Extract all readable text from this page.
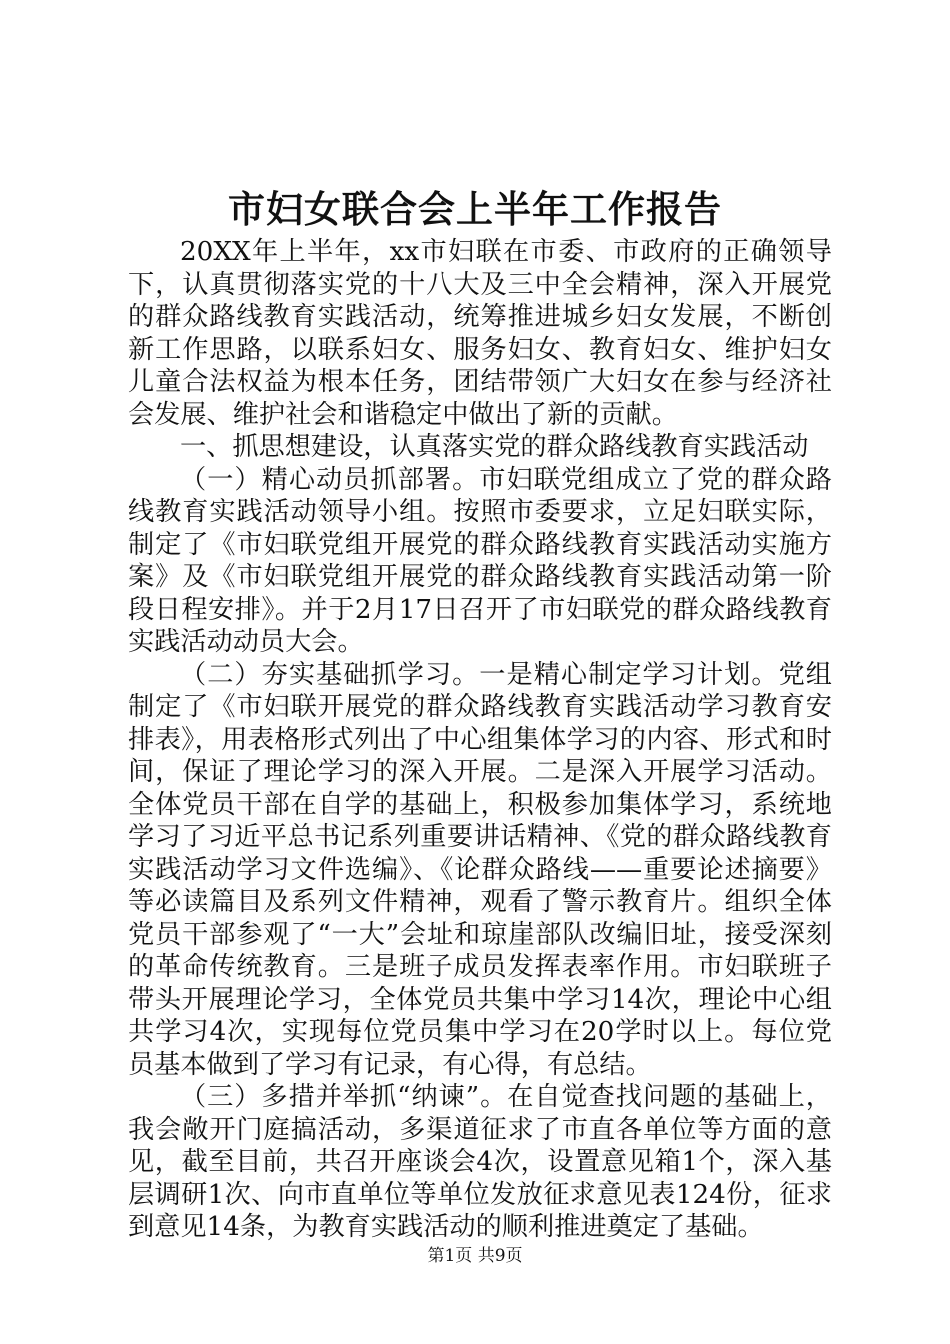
市妇女联合会上半年工作报告

20XX年上半年，xx市妇联在市委、市政府的正确领导下，认真贯彻落实党的十八大及三中全会精神，深入开展党的群众路线教育实践活动，统筹推进城乡妇女发展，不断创新工作思路，以联系妇女、服务妇女、教育妇女、维护妇女儿童合法权益为根本任务，团结带领广大妇女在参与经济社会发展、维护社会和谐稳定中做出了新的贡献。

一、抓思想建设，认真落实党的群众路线教育实践活动

（一）精心动员抓部署。市妇联党组成立了党的群众路线教育实践活动领导小组。按照市委要求，立足妇联实际，制定了《市妇联党组开展党的群众路线教育实践活动实施方案》及《市妇联党组开展党的群众路线教育实践活动第一阶段日程安排》。并于2月17日召开了市妇联党的群众路线教育实践活动动员大会。

（二）夯实基础抓学习。一是精心制定学习计划。党组制定了《市妇联开展党的群众路线教育实践活动学习教育安排表》，用表格形式列出了中心组集体学习的内容、形式和时间，保证了理论学习的深入开展。二是深入开展学习活动。全体党员干部在自学的基础上，积极参加集体学习，系统地学习了习近平总书记系列重要讲话精神、《党的群众路线教育实践活动学习文件选编》、《论群众路线——重要论述摘要》等必读篇目及系列文件精神，观看了警示教育片。组织全体党员干部参观了“一大”会址和琼崖部队改编旧址，接受深刻的革命传统教育。三是班子成员发挥表率作用。市妇联班子带头开展理论学习，全体党员共集中学习14次，理论中心组共学习4次，实现每位党员集中学习在20学时以上。每位党员基本做到了学习有记录，有心得，有总结。

（三）多措并举抓“纳谏”。在自觉查找问题的基础上，我会敞开门庭搞活动，多渠道征求了市直各单位等方面的意见，截至目前，共召开座谈会4次，设置意见箱1个，深入基层调研1次、向市直单位等单位发放征求意见表124份，征求到意见14条，为教育实践活动的顺利推进奠定了基础。

第1页 共9页
